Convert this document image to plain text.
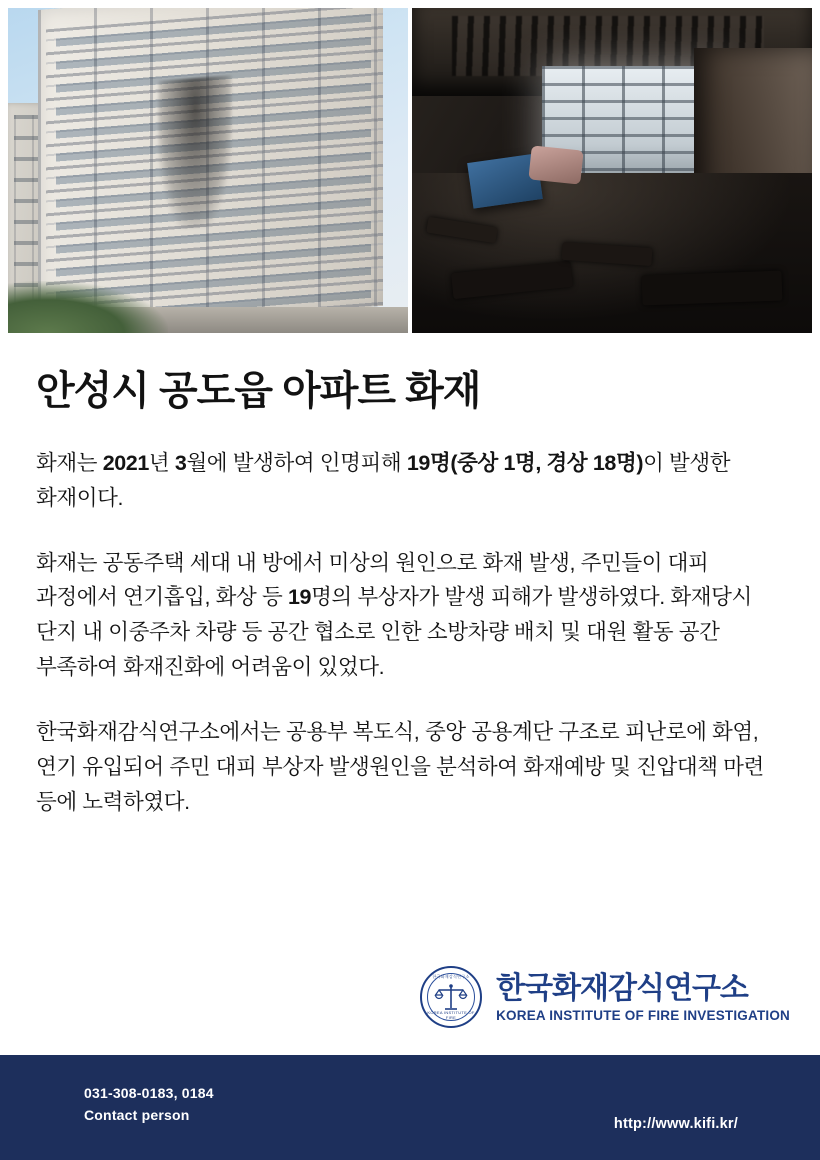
안성시 공도읍 아파트 화재
화재는 2021년 3월에 발생하여 인명피해 19명(중상 1명, 경상 18명)이 발생한 화재이다.
화재는 공동주택 세대 내 방에서 미상의 원인으로 화재 발생, 주민들이 대피 과정에서 연기흡입, 화상 등 19명의 부상자가 발생 피해가 발생하였다. 화재당시 단지 내 이중주차 차량 등 공간 협소로 인한 소방차량 배치 및 대원 활동 공간 부족하여 화재진화에 어려움이 있었다.
한국화재감식연구소에서는 공용부 복도식, 중앙 공용계단 구조로 피난로에 화염, 연기 유입되어 주민 대피 부상자 발생원인을 분석하여 화재예방 및 진압대책 마련 등에 노력하였다.
한국화재감식연구소
KOREA INSTITUTE OF FIRE
한국화재감식연구소
KOREA INSTITUTE OF FIRE INVESTIGATION
031-308-0183, 0184
Contact person
http://www.kifi.kr/
